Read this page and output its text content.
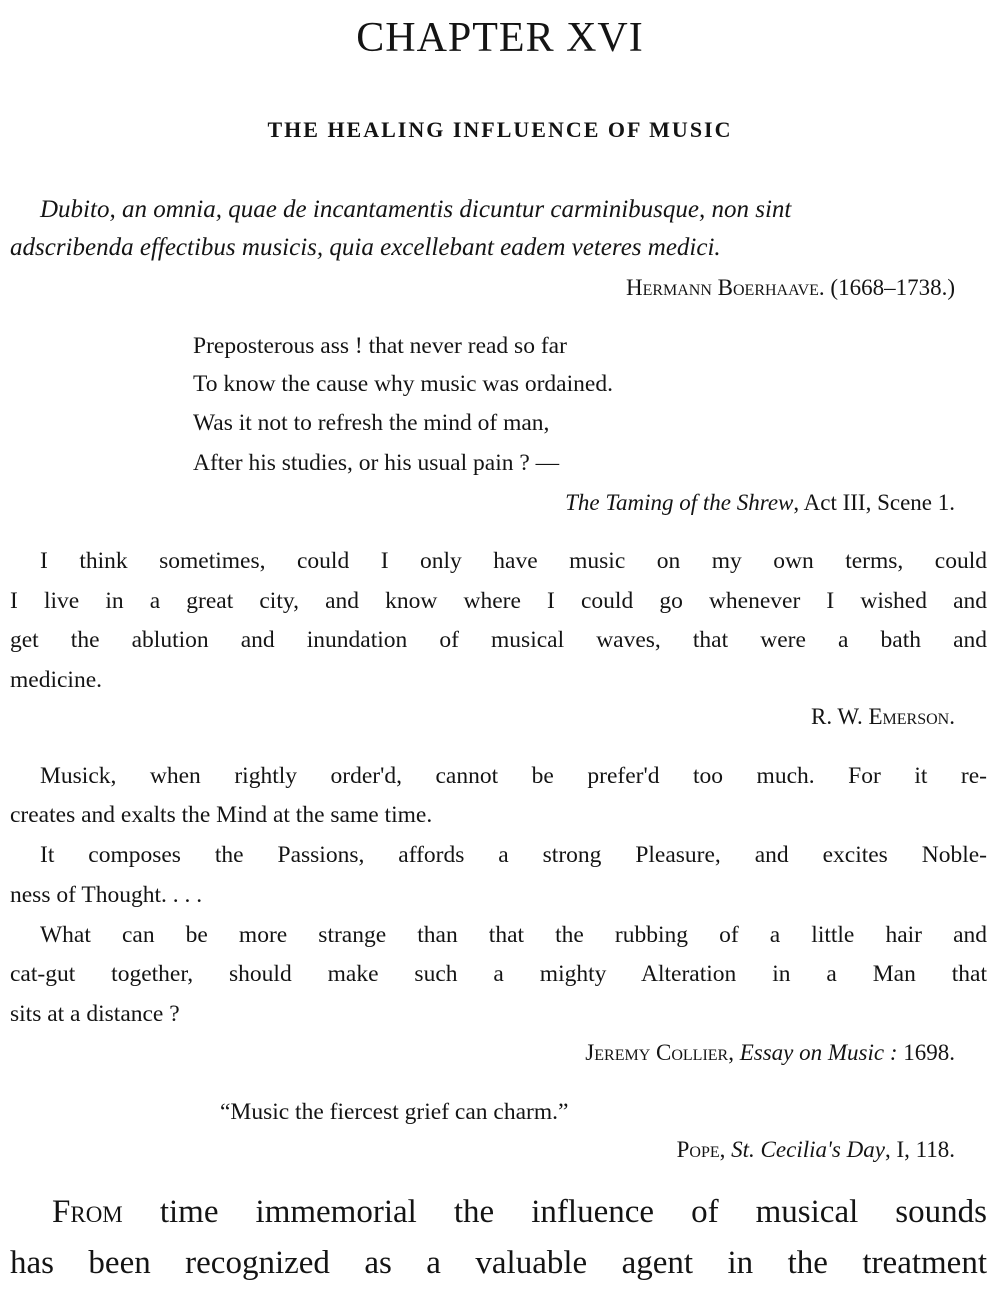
CHAPTER XVI
THE HEALING INFLUENCE OF MUSIC
Dubito, an omnia, quae de incantamentis dicuntur carminibusque, non sint
adscribenda effectibus musicis, quia excellebant eadem veteres medici.
Hermann Boerhaave. (1668–1738.)
Preposterous ass ! that never read so far
To know the cause why music was ordained.
Was it not to refresh the mind of man,
After his studies, or his usual pain ? —
The Taming of the Shrew, Act III, Scene 1.
I think sometimes, could I only have music on my own terms, could
I live in a great city, and know where I could go whenever I wished and
get the ablution and inundation of musical waves, that were a bath and
medicine.
R. W. Emerson.
Musick, when rightly order'd, cannot be prefer'd too much. For it re-
creates and exalts the Mind at the same time.
It composes the Passions, affords a strong Pleasure, and excites Noble-
ness of Thought. . . .
What can be more strange than that the rubbing of a little hair and
cat-gut together, should make such a mighty Alteration in a Man that
sits at a distance ?
Jeremy Collier, Essay on Music : 1698.
“Music the fiercest grief can charm.”
Pope, St. Cecilia's Day, I, 118.
From time immemorial the influence of musical sounds
has been recognized as a valuable agent in the treatment
